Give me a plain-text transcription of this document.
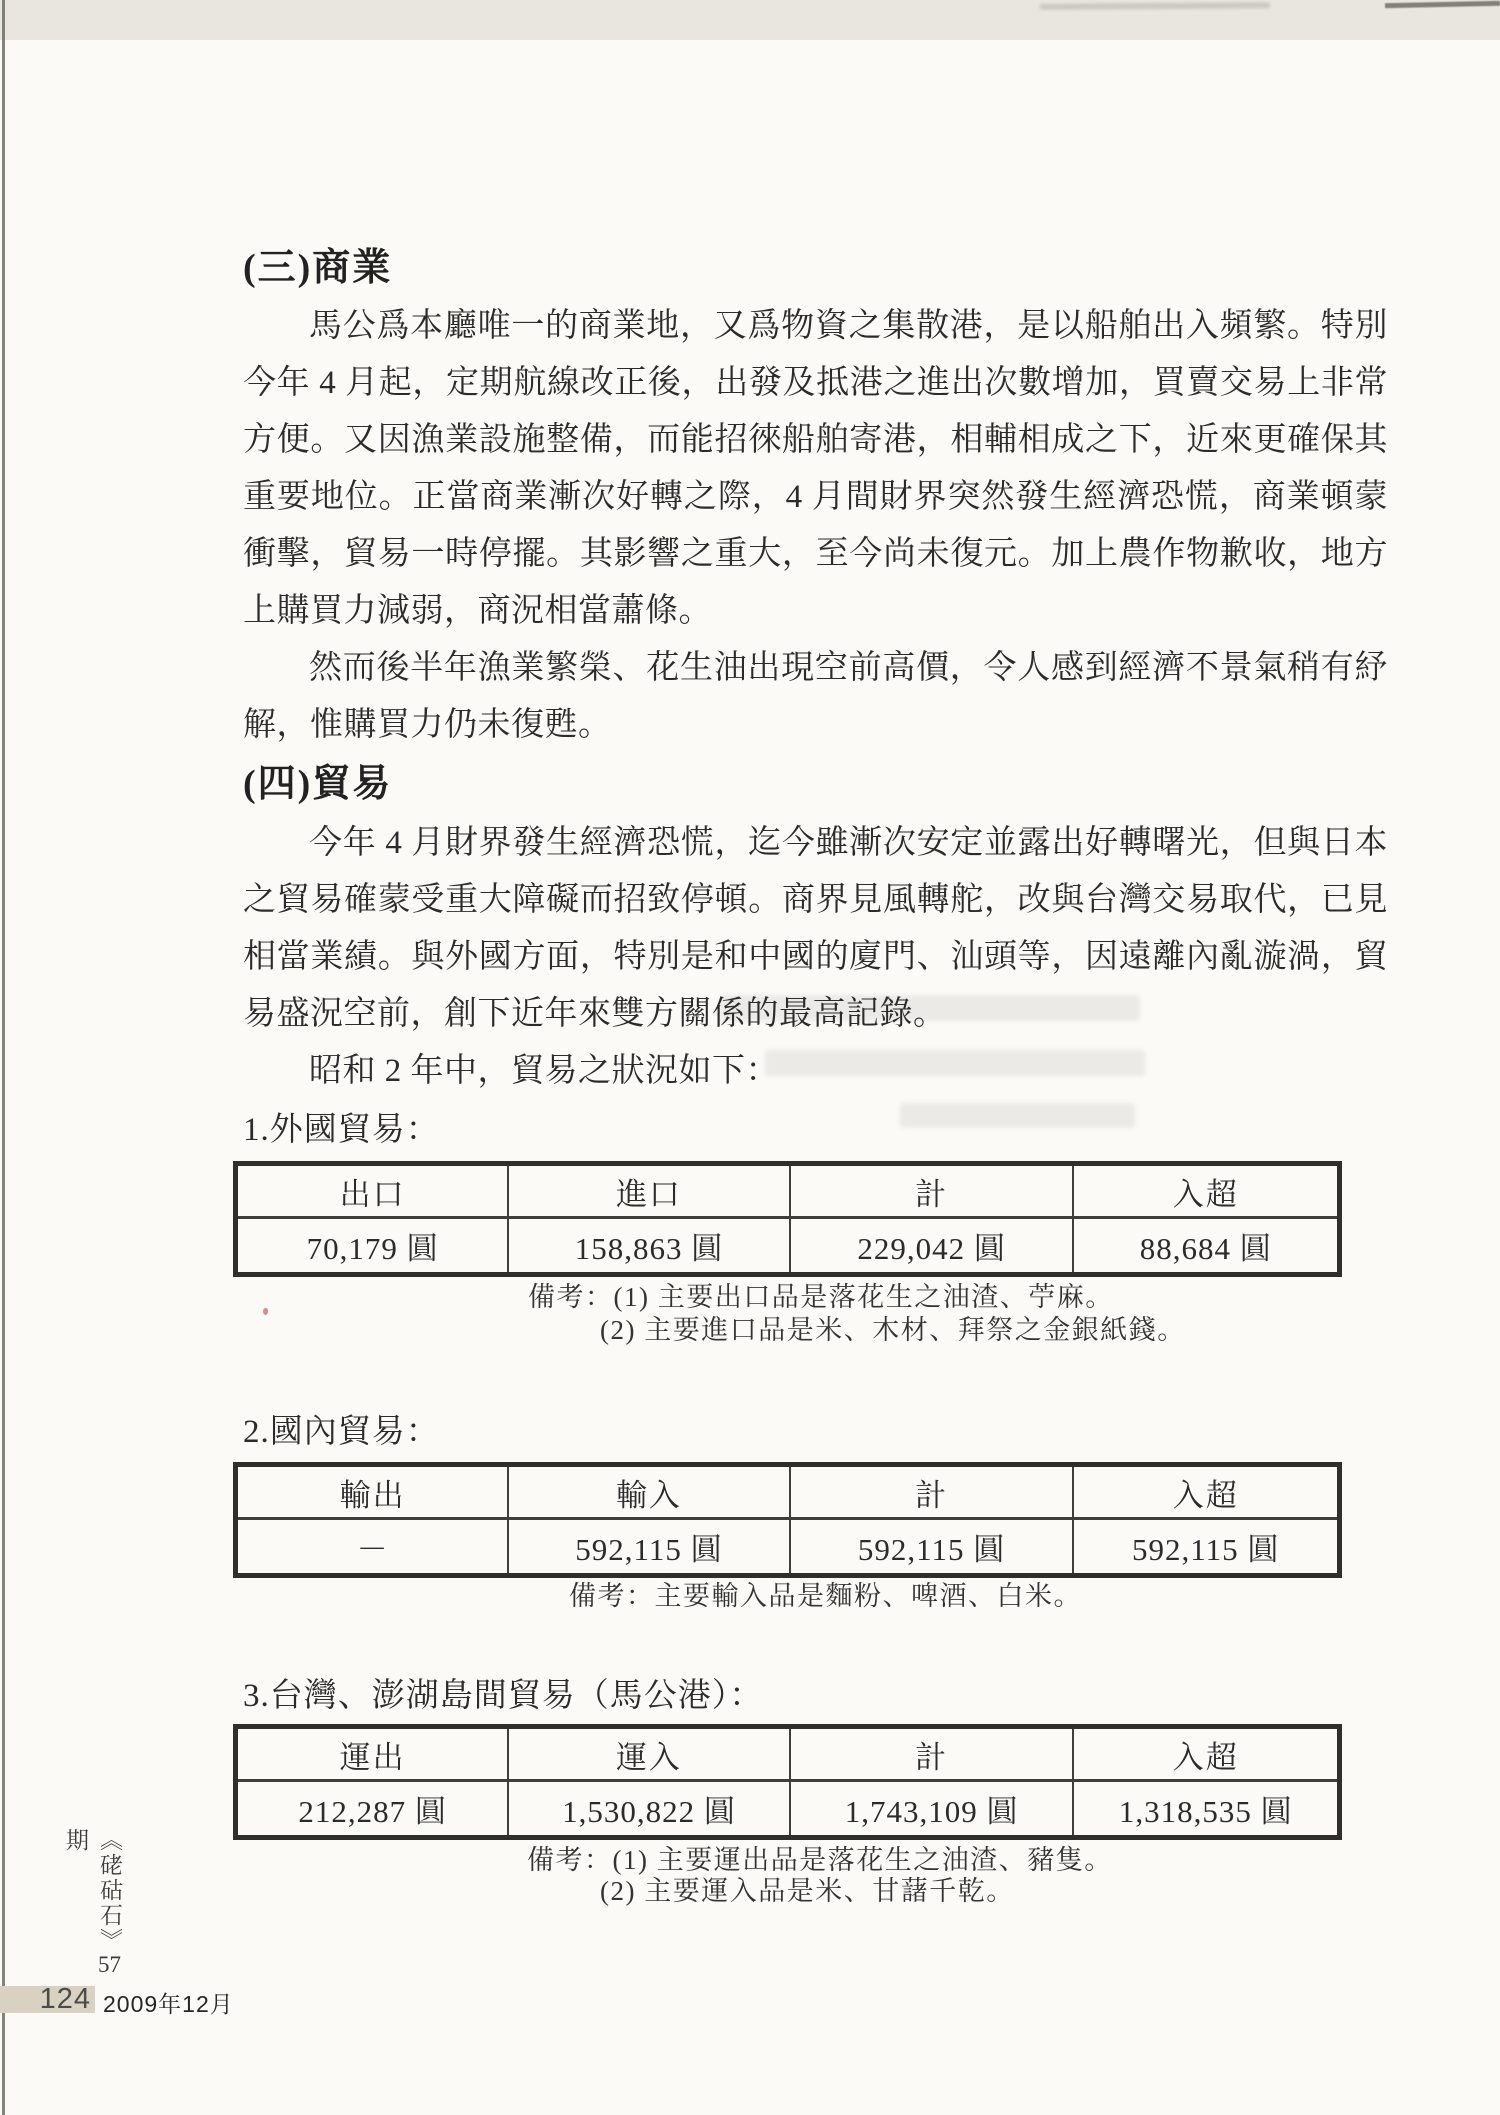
(三)商業
馬公爲本廳唯一的商業地，又爲物資之集散港，是以船舶出入頻繁。特別
今年 4 月起，定期航線改正後，出發及抵港之進出次數增加，買賣交易上非常
方便。又因漁業設施整備，而能招徠船舶寄港，相輔相成之下，近來更確保其
重要地位。正當商業漸次好轉之際，4 月間財界突然發生經濟恐慌，商業頓蒙
衝擊，貿易一時停擺。其影響之重大，至今尚未復元。加上農作物歉收，地方
上購買力減弱，商況相當蕭條。
然而後半年漁業繁榮、花生油出現空前高價，令人感到經濟不景氣稍有紓
解，惟購買力仍未復甦。
(四)貿易
今年 4 月財界發生經濟恐慌，迄今雖漸次安定並露出好轉曙光，但與日本
之貿易確蒙受重大障礙而招致停頓。商界見風轉舵，改與台灣交易取代，已見
相當業績。與外國方面，特別是和中國的廈門、汕頭等，因遠離內亂漩渦，貿
易盛況空前，創下近年來雙方關係的最高記錄。
昭和 2 年中，貿易之狀況如下：

1.外國貿易：

出口	進口	計	入超
70,179 圓	158,863 圓	229,042 圓	88,684 圓

備考：(1) 主要出口品是落花生之油渣、苧麻。

(2) 主要進口品是米、木材、拜祭之金銀紙錢。

2.國內貿易：

輸出	輸入	計	入超
－	592,115 圓	592,115 圓	592,115 圓

備考：主要輸入品是麵粉、啤酒、白米。

3.台灣、澎湖島間貿易（馬公港）：

運出	運入	計	入超
212,287 圓	1,530,822 圓	1,743,109 圓	1,318,535 圓

備考：(1) 主要運出品是落花生之油渣、豬隻。

(2) 主要運入品是米、甘藷千乾。

《硓𥑮石》57期
124 2009年12月
